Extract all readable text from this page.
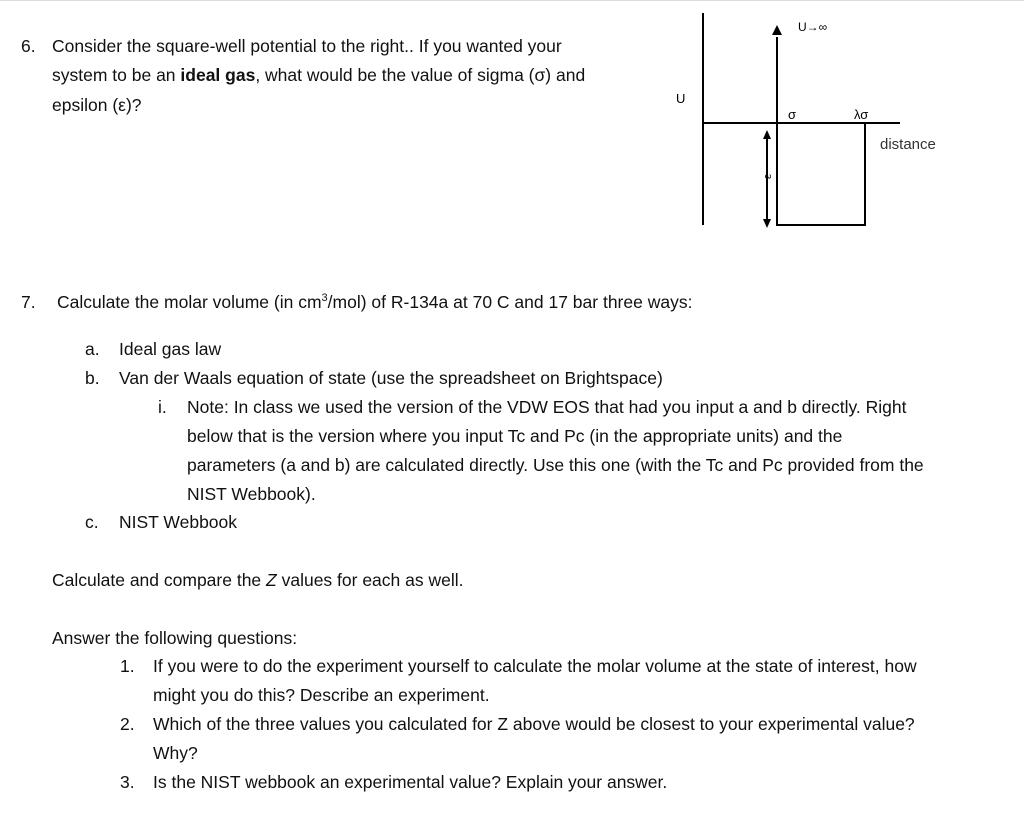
6. Consider the square-well potential to the right.. If you wanted your
system to be an ideal gas, what would be the value of sigma (σ) and
epsilon (ε)?	U
distance
U→∞
σ	λσ
ε
7. Calculate the molar volume (in $cm^3/mol$) of R-134a at 70 C and 17 bar three ways:
a. Ideal gas law
b. Van der Waals equation of state (use the spreadsheet on Brightspace)
i. Note: In class we used the version of the VDW EOS that had you input a and b directly. Right
below that is the version where you input Tc and Pc (in the appropriate units) and the
parameters (a and b) are calculated directly. Use this one (with the Tc and Pc provided from the
NIST Webbook).
c. NIST Webbook
Calculate and compare the Z values for each as well.
Answer the following questions:
1. If you were to do the experiment yourself to calculate the molar volume at the state of interest, how
might you do this? Describe an experiment.
2. Which of the three values you calculated for Z above would be closest to your experimental value?
Why?
3. Is the NIST webbook an experimental value? Explain your answer.
